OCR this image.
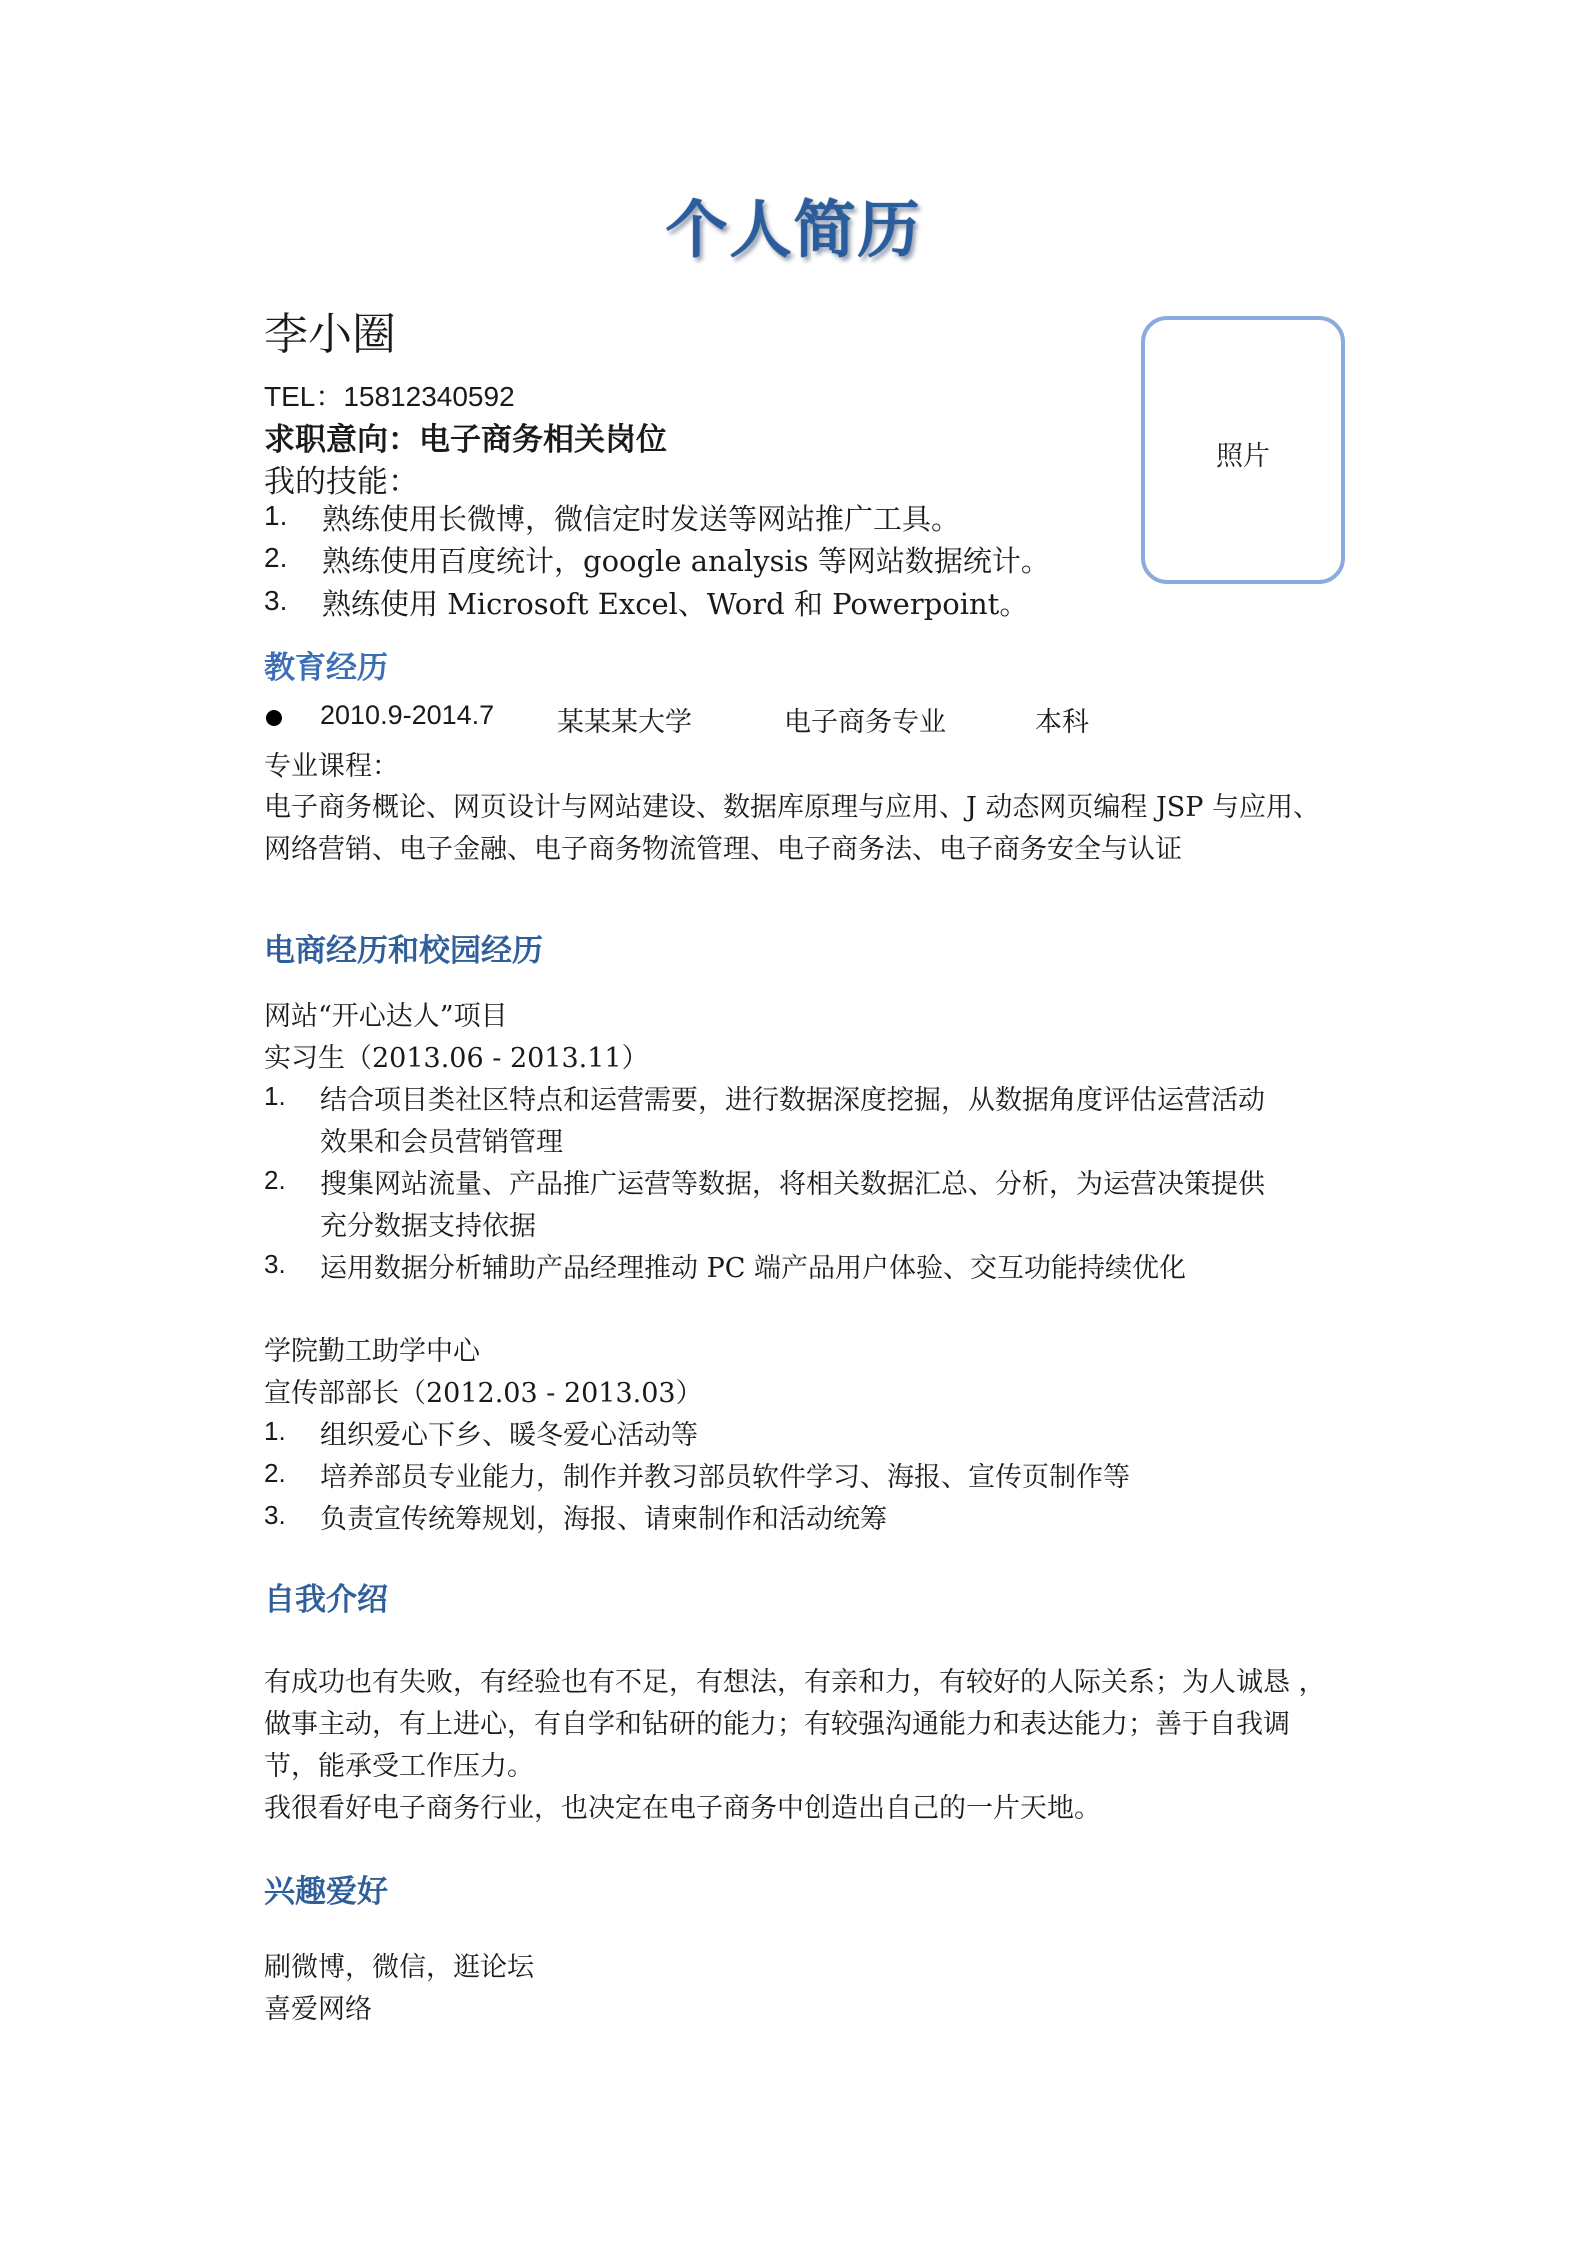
个人简历
李小圈
TEL：15812340592
求职意向：电子商务相关岗位
我的技能：
1. 熟练使用长微博，微信定时发送等网站推广工具。
2. 熟练使用百度统计，google analysis 等网站数据统计。
3. 熟练使用 Microsoft Excel、Word 和 Powerpoint。
照片
教育经历
2010.9-2014.7 某某某大学	电子商务专业	本科
专业课程：
电子商务概论、网页设计与网站建设、数据库原理与应用、J 动态网页编程 JSP 与应用、
网络营销、电子金融、电子商务物流管理、电子商务法、电子商务安全与认证
电商经历和校园经历
网站“开心达人”项目
实习生（2013.06 - 2013.11）
1. 结合项目类社区特点和运营需要，进行数据深度挖掘，从数据角度评估运营活动
效果和会员营销管理
2. 搜集网站流量、产品推广运营等数据，将相关数据汇总、分析，为运营决策提供
充分数据支持依据
3. 运用数据分析辅助产品经理推动 PC 端产品用户体验、交互功能持续优化
学院勤工助学中心
宣传部部长（2012.03 - 2013.03）
1. 组织爱心下乡、暖冬爱心活动等
2. 培养部员专业能力，制作并教习部员软件学习、海报、宣传页制作等
3. 负责宣传统筹规划，海报、请柬制作和活动统筹
自我介绍
有成功也有失败，有经验也有不足，有想法，有亲和力，有较好的人际关系；为人诚恳 ，
做事主动，有上进心，有自学和钻研的能力；有较强沟通能力和表达能力；善于自我调
节，能承受工作压力。
我很看好电子商务行业，也决定在电子商务中创造出自己的一片天地。
兴趣爱好
刷微博，微信，逛论坛
喜爱网络
